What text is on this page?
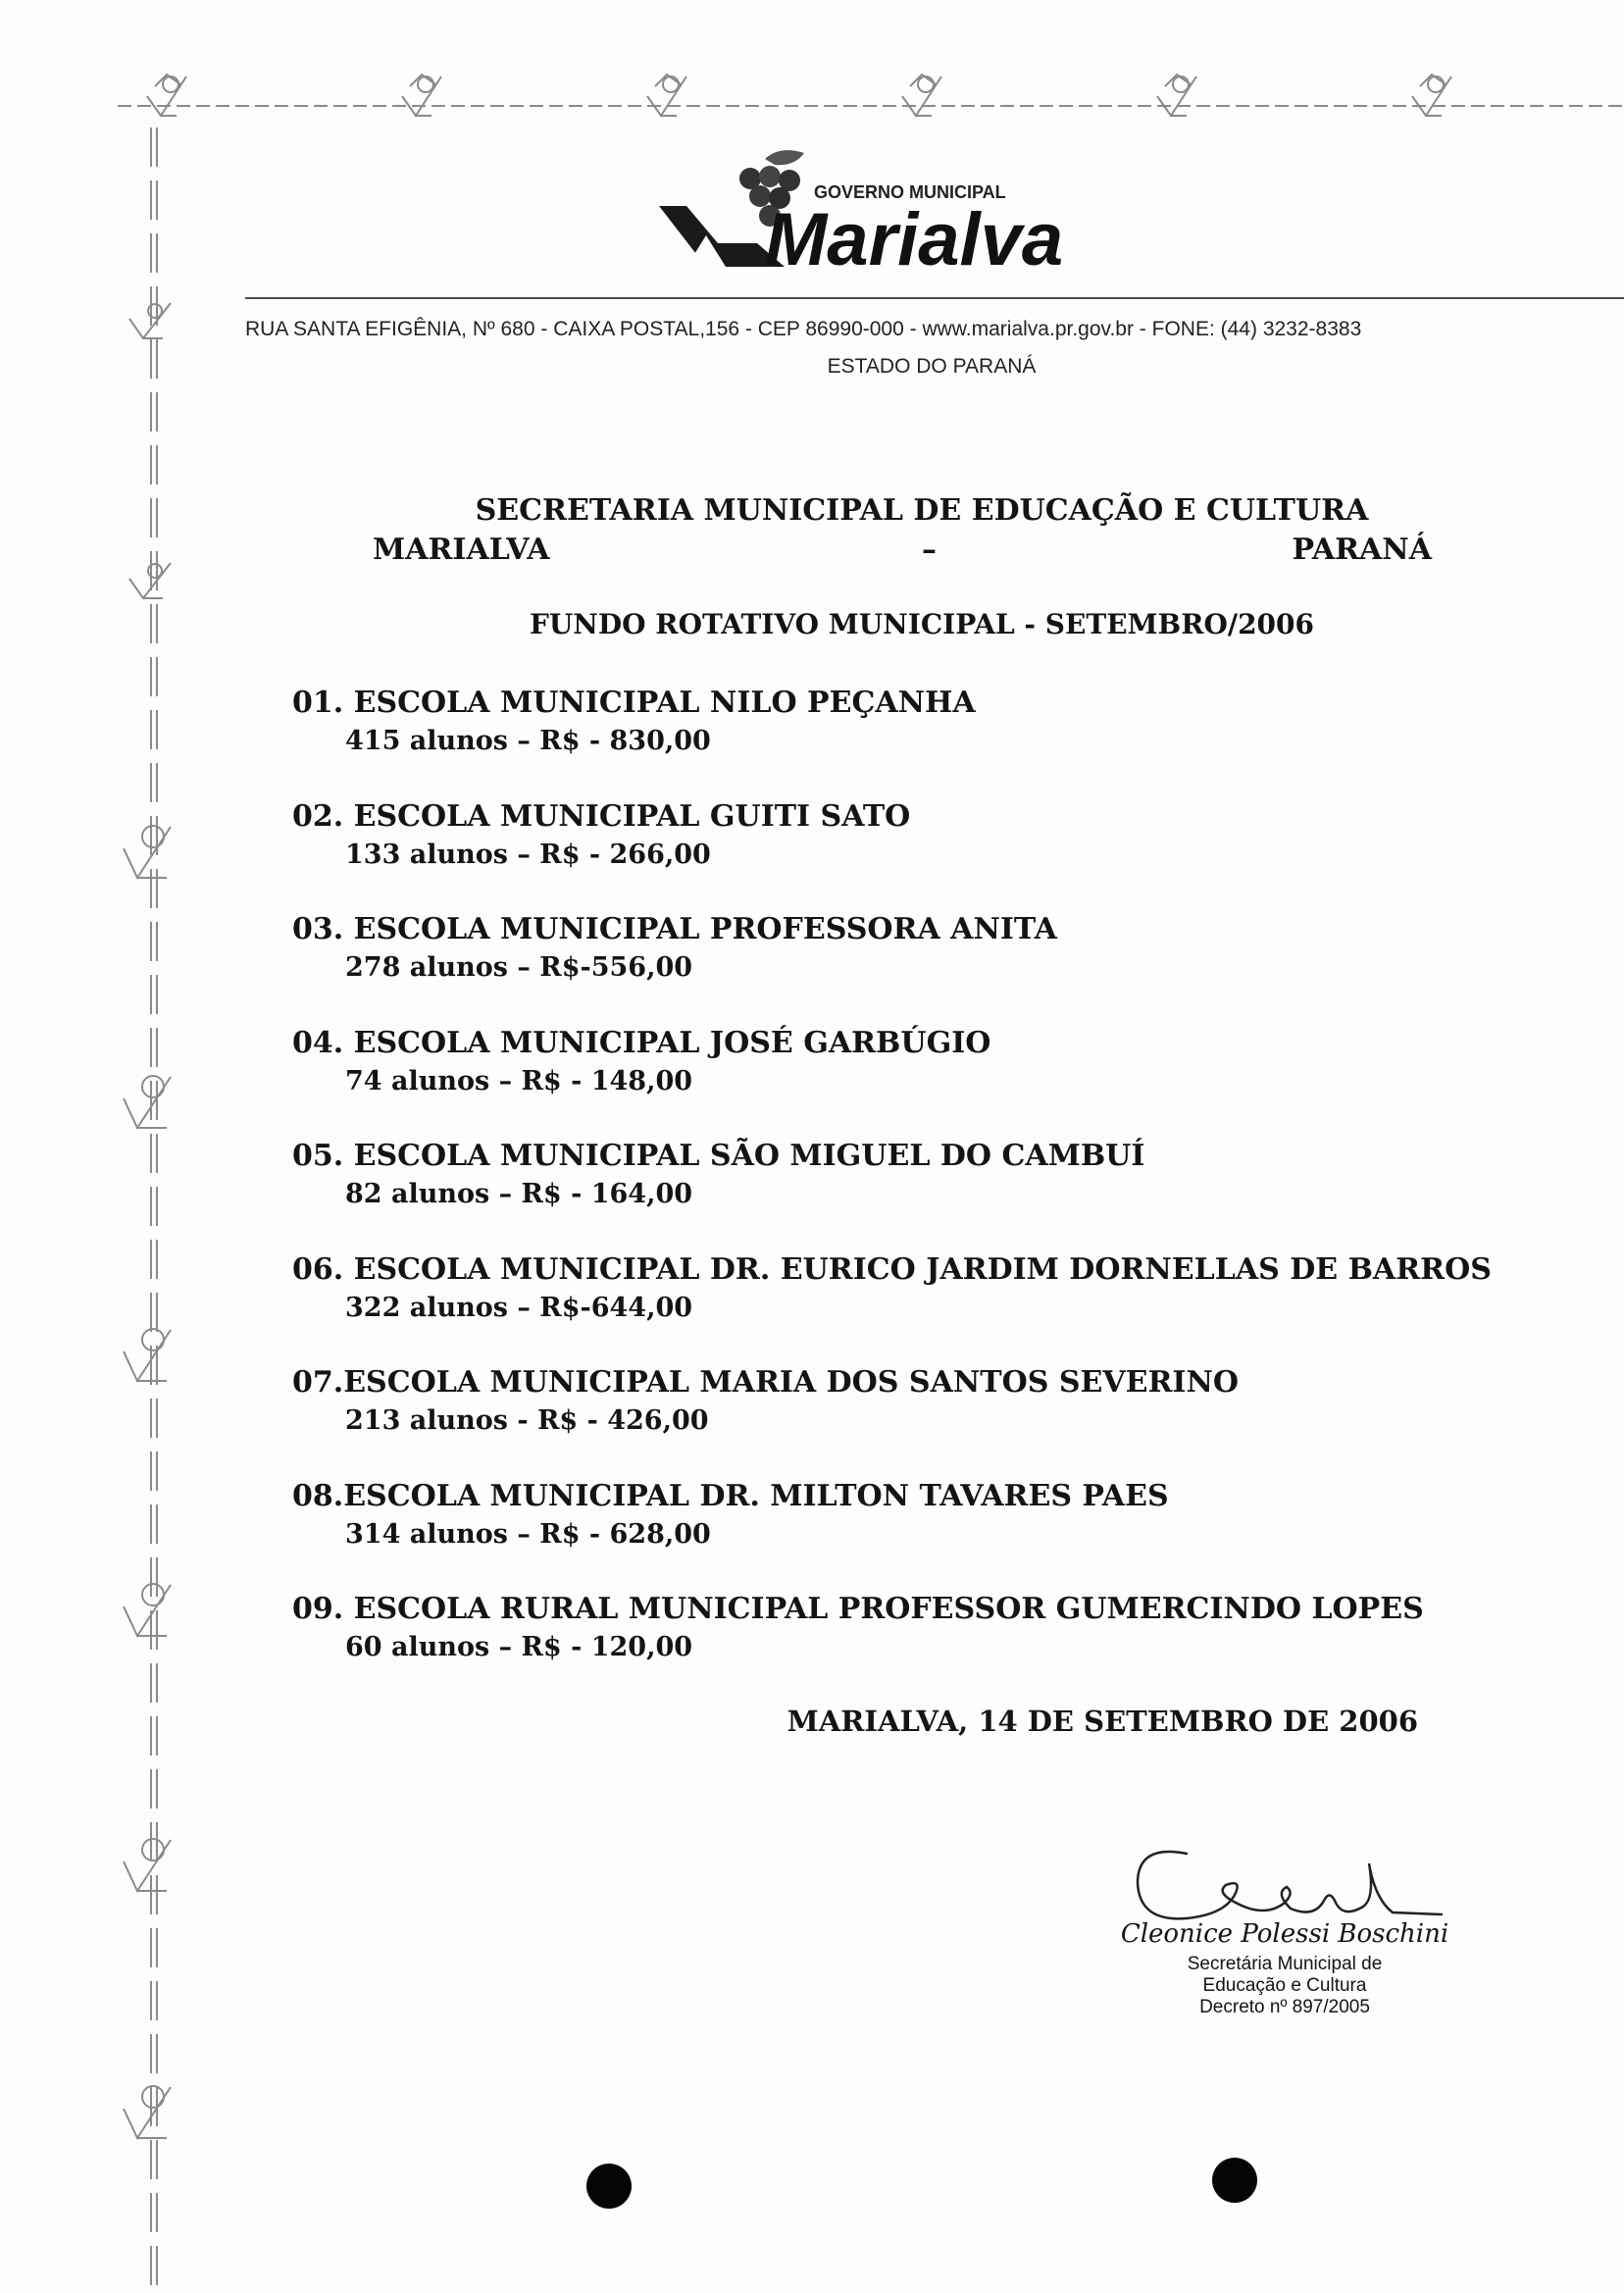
GOVERNO MUNICIPAL
Marialva
RUA SANTA EFIGÊNIA, Nº 680 - CAIXA POSTAL,156 - CEP 86990-000 - www.marialva.pr.gov.br - FONE: (44) 3232-8383
ESTADO DO PARANÁ
SECRETARIA MUNICIPAL DE EDUCAÇÃO E CULTURA
MARIALVA	–	PARANÁ
FUNDO ROTATIVO MUNICIPAL - SETEMBRO/2006
01. ESCOLA MUNICIPAL NILO PEÇANHA
415 alunos – R$ - 830,00
02. ESCOLA MUNICIPAL GUITI SATO
133 alunos – R$ - 266,00
03. ESCOLA MUNICIPAL PROFESSORA ANITA
278 alunos – R$-556,00
04. ESCOLA MUNICIPAL JOSÉ GARBÚGIO
74 alunos – R$ - 148,00
05. ESCOLA MUNICIPAL SÃO MIGUEL DO CAMBUÍ
82 alunos – R$ - 164,00
06. ESCOLA MUNICIPAL DR. EURICO JARDIM DORNELLAS DE BARROS
322 alunos – R$-644,00
07.ESCOLA MUNICIPAL MARIA DOS SANTOS SEVERINO
213 alunos - R$ - 426,00
08.ESCOLA MUNICIPAL DR. MILTON TAVARES PAES
314 alunos – R$ - 628,00
09. ESCOLA RURAL MUNICIPAL PROFESSOR GUMERCINDO LOPES
60 alunos – R$ - 120,00
MARIALVA, 14 DE SETEMBRO DE 2006
Cleonice Polessi Boschini
Secretária Municipal de
Educação e Cultura
Decreto nº 897/2005
